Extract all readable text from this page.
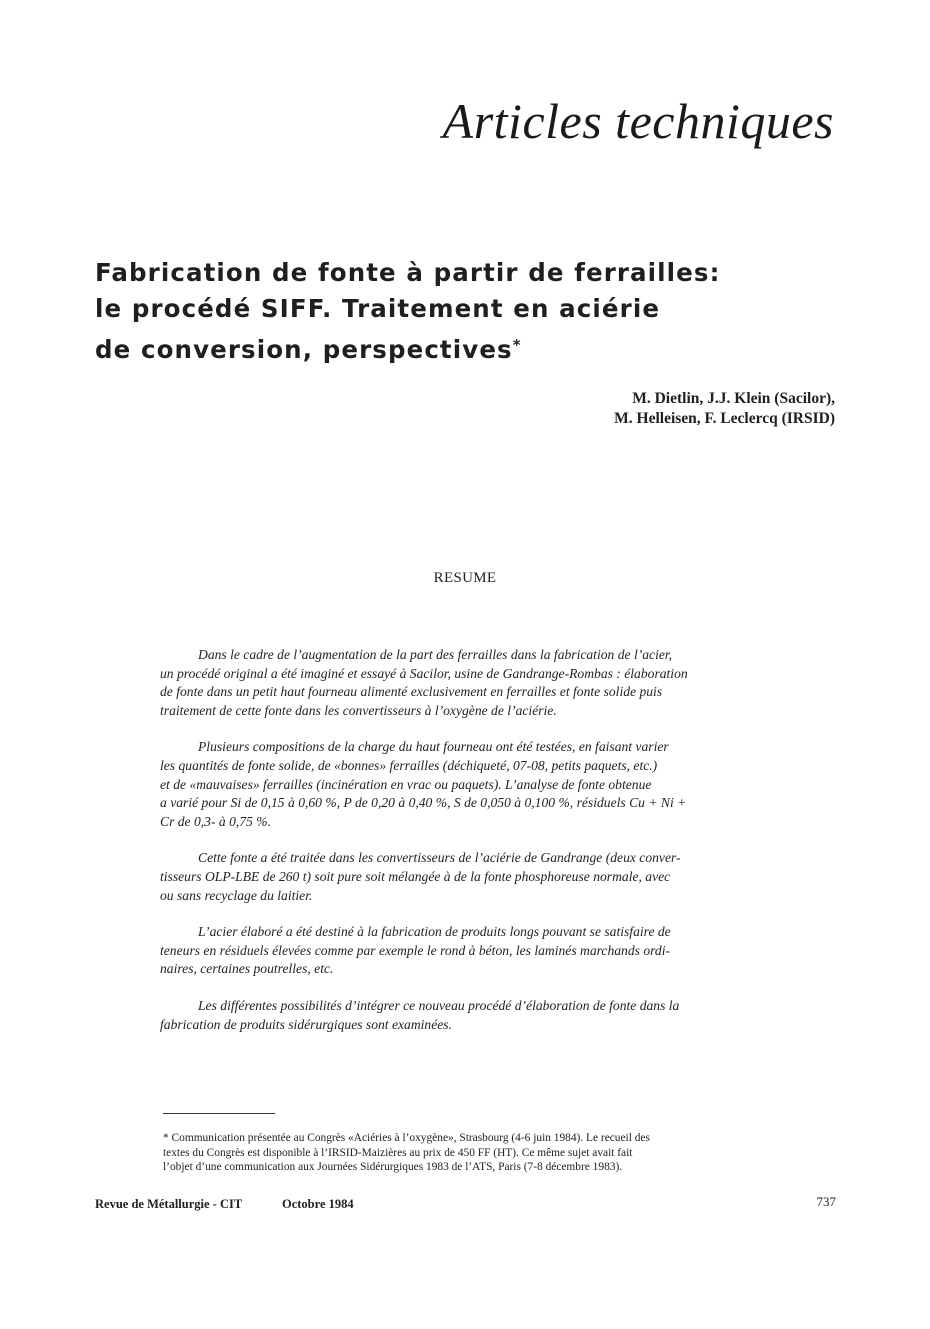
Articles techniques
Fabrication de fonte à partir de ferrailles:
le procédé SIFF. Traitement en aciérie
de conversion, perspectives*
M. Dietlin, J.J. Klein (Sacilor),
M. Helleisen, F. Leclercq (IRSID)
RESUME

Dans le cadre de l’augmentation de la part des ferrailles dans la fabrication de l’acier,
un procédé original a été imaginé et essayé à Sacilor, usine de Gandrange-Rombas : élaboration
de fonte dans un petit haut fourneau alimenté exclusivement en ferrailles et fonte solide puis
traitement de cette fonte dans les convertisseurs à l’oxygène de l’aciérie.

Plusieurs compositions de la charge du haut fourneau ont été testées, en faisant varier
les quantités de fonte solide, de «bonnes» ferrailles (déchiqueté, 07-08, petits paquets, etc.)
et de «mauvaises» ferrailles (incinération en vrac ou paquets). L’analyse de fonte obtenue
a varié pour Si de 0,15 à 0,60 %, P de 0,20 à 0,40 %, S de 0,050 à 0,100 %, résiduels Cu + Ni +
Cr de 0,3- à 0,75 %.

Cette fonte a été traitée dans les convertisseurs de l’aciérie de Gandrange (deux conver-
tisseurs OLP-LBE de 260 t) soit pure soit mélangée à de la fonte phosphoreuse normale, avec
ou sans recyclage du laitier.

L’acier élaboré a été destiné à la fabrication de produits longs pouvant se satisfaire de
teneurs en résiduels élevées comme par exemple le rond à béton, les laminés marchands ordi-
naires, certaines poutrelles, etc.

Les différentes possibilités d’intégrer ce nouveau procédé d’élaboration de fonte dans la
fabrication de produits sidérurgiques sont examinées.

* Communication présentée au Congrès «Aciéries à l’oxygène», Strasbourg (4-6 juin 1984). Le recueil des
textes du Congrès est disponible à l’IRSID-Maizières au prix de 450 FF (HT). Ce même sujet avait fait
l’objet d’une communication aux Journées Sidérurgiques 1983 de l’ATS, Paris (7-8 décembre 1983).
Revue de Métallurgie - CIT	Octobre 1984	737
